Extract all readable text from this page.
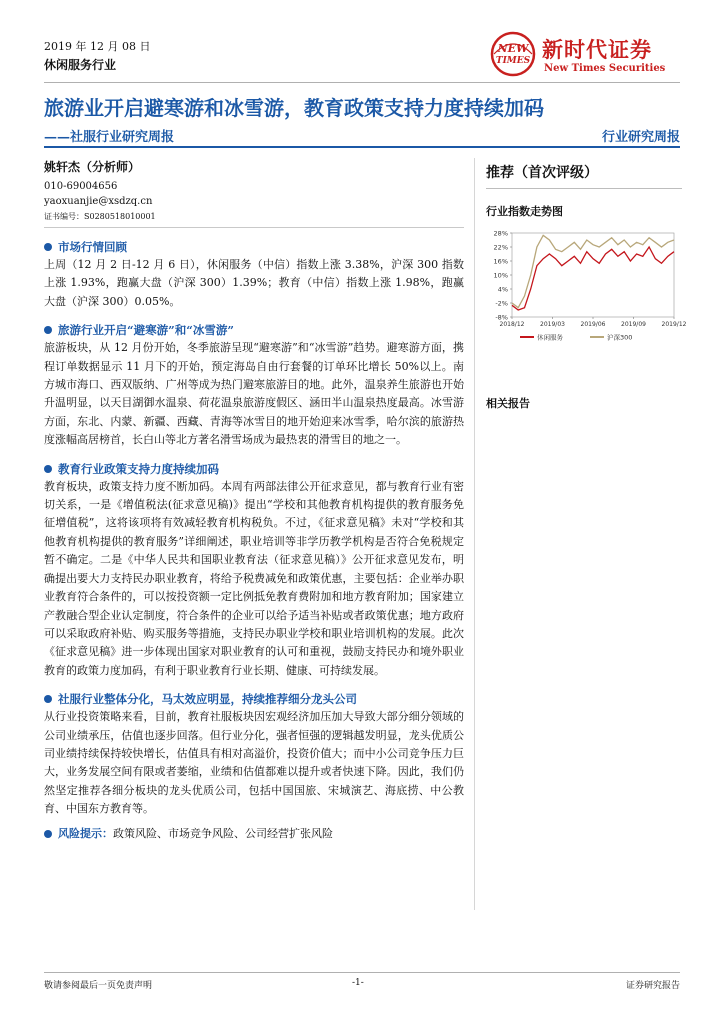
2019 年 12 月 08 日
休闲服务行业
NEW
TIMES 新时代证券
New Times Securities
旅游业开启避寒游和冰雪游，教育政策支持力度持续加码
——社服行业研究周报	行业研究周报
姚轩杰（分析师）
010-69004656
yaoxuanjie@xsdzq.cn
证书编号：S0280518010001
市场行情回顾
上周（12 月 2 日-12 月 6 日），休闲服务（中信）指数上涨 3.38%，沪深 300 指数上涨 1.93%，跑赢大盘（沪深 300）1.39%；教育（中信）指数上涨 1.98%，跑赢大盘（沪深 300）0.05%。
旅游行业开启“避寒游”和“冰雪游”
旅游板块，从 12 月份开始，冬季旅游呈现“避寒游”和“冰雪游”趋势。避寒游方面，携程订单数据显示 11 月下的开始，预定海岛自由行套餐的订单环比增长 50%以上。南方城市海口、西双版纳、广州等成为热门避寒旅游目的地。此外，温泉养生旅游也开始升温明显，以天目湖御水温泉、荷花温泉旅游度假区、涵田半山温泉热度最高。冰雪游方面，东北、内蒙、新疆、西藏、青海等冰雪目的地开始迎来冰雪季，哈尔滨的旅游热度涨幅高居榜首，长白山等北方著名滑雪场成为最热衷的滑雪目的地之一。
教育行业政策支持力度持续加码
教育板块，政策支持力度不断加码。本周有两部法律公开征求意见，都与教育行业有密切关系，一是《增值税法(征求意见稿)》提出“学校和其他教育机构提供的教育服务免征增值税”，这将该项将有效减轻教育机构税负。不过，《征求意见稿》未对“学校和其他教育机构提供的教育服务”详细阐述，职业培训等非学历教学机构是否符合免税规定暂不确定。二是《中华人民共和国职业教育法（征求意见稿）》公开征求意见发布，明确提出要大力支持民办职业教育，将给予税费减免和政策优惠，主要包括：企业举办职业教育符合条件的，可以按投资额一定比例抵免教育费附加和地方教育附加；国家建立产教融合型企业认定制度，符合条件的企业可以给予适当补贴或者政策优惠；地方政府可以采取政府补贴、购买服务等措施，支持民办职业学校和职业培训机构的发展。此次《征求意见稿》进一步体现出国家对职业教育的认可和重视，鼓励支持民办和境外职业教育的政策力度加码，有利于职业教育行业长期、健康、可持续发展。
社服行业整体分化，马太效应明显，持续推荐细分龙头公司
从行业投资策略来看，目前，教育社服板块因宏观经济加压加大导致大部分细分领域的公司业绩承压，估值也逐步回落。但行业分化，强者恒强的逻辑越发明显，龙头优质公司业绩持续保持较快增长，估值具有相对高溢价，投资价值大；而中小公司竞争压力巨大，业务发展空间有限或者萎缩，业绩和估值都难以提升或者快速下降。因此，我们仍然坚定推荐各细分板块的龙头优质公司，包括中国国旅、宋城演艺、海底捞、中公教育、中国东方教育等。
风险提示： 政策风险、市场竞争风险、公司经营扩张风险
推荐（首次评级）
行业指数走势图
28%
22%
16%
10%
4%
-2%
-8%
2018/12	2019/03	2019/06	2019/09	2019/12
休闲服务	沪深300
相关报告
敬请参阅最后一页免责声明	-1-	证券研究报告
